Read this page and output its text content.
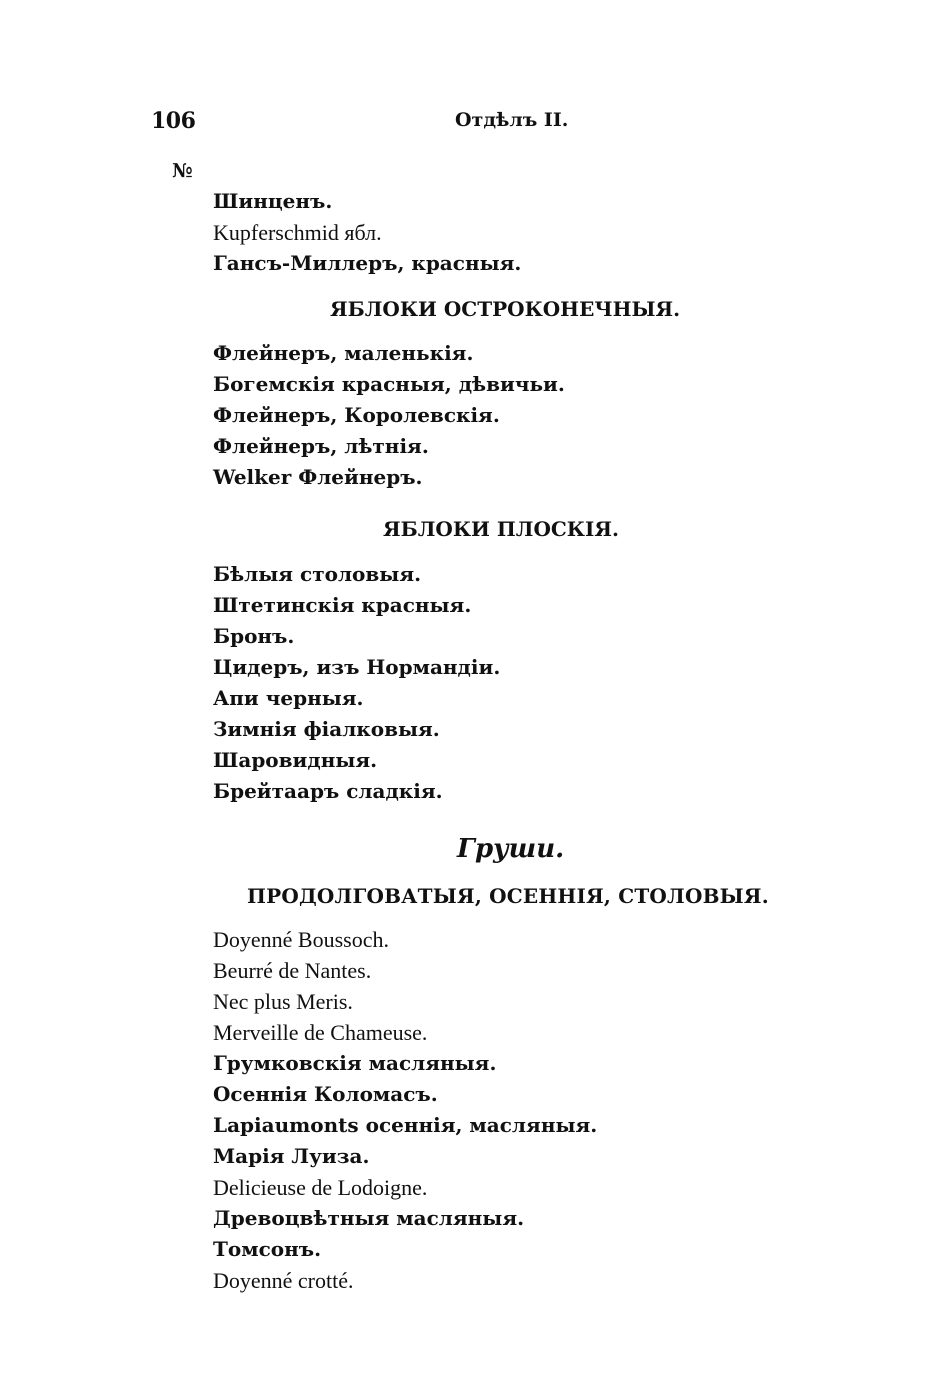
106	Отдѣлъ II.
№
Шинценъ.
Kupferschmid ябл.
Гансъ-Миллеръ, красныя.
ЯБЛОКИ ОСТРОКОНЕЧНЫЯ.
Флейнеръ, маленькія.
Богемскія красныя, дѣвичьи.
Флейнеръ, Королевскія.
Флейнеръ, лѣтнія.
Welker Флейнеръ.
ЯБЛОКИ ПЛОСКІЯ.
Бѣлыя столовыя.
Штетинскія красныя.
Бронъ.
Цидеръ, изъ Нормандіи.
Апи черныя.
Зимнія фіалковыя.
Шаровидныя.
Брейтааръ сладкія.
Груши.
ПРОДОЛГОВАТЫЯ, ОСЕННІЯ, СТОЛОВЫЯ.
Doyenné Boussoch.
Beurré de Nantes.
Nec plus Meris.
Merveille de Chameuse.
Грумковскія масляныя.
Осеннія Коломасъ.
Lapiaumonts осеннія, масляныя.
Марія Луиза.
Delicieuse de Lodoigne.
Древоцвѣтныя масляныя.
Томсонъ.
Doyenné crotté.
